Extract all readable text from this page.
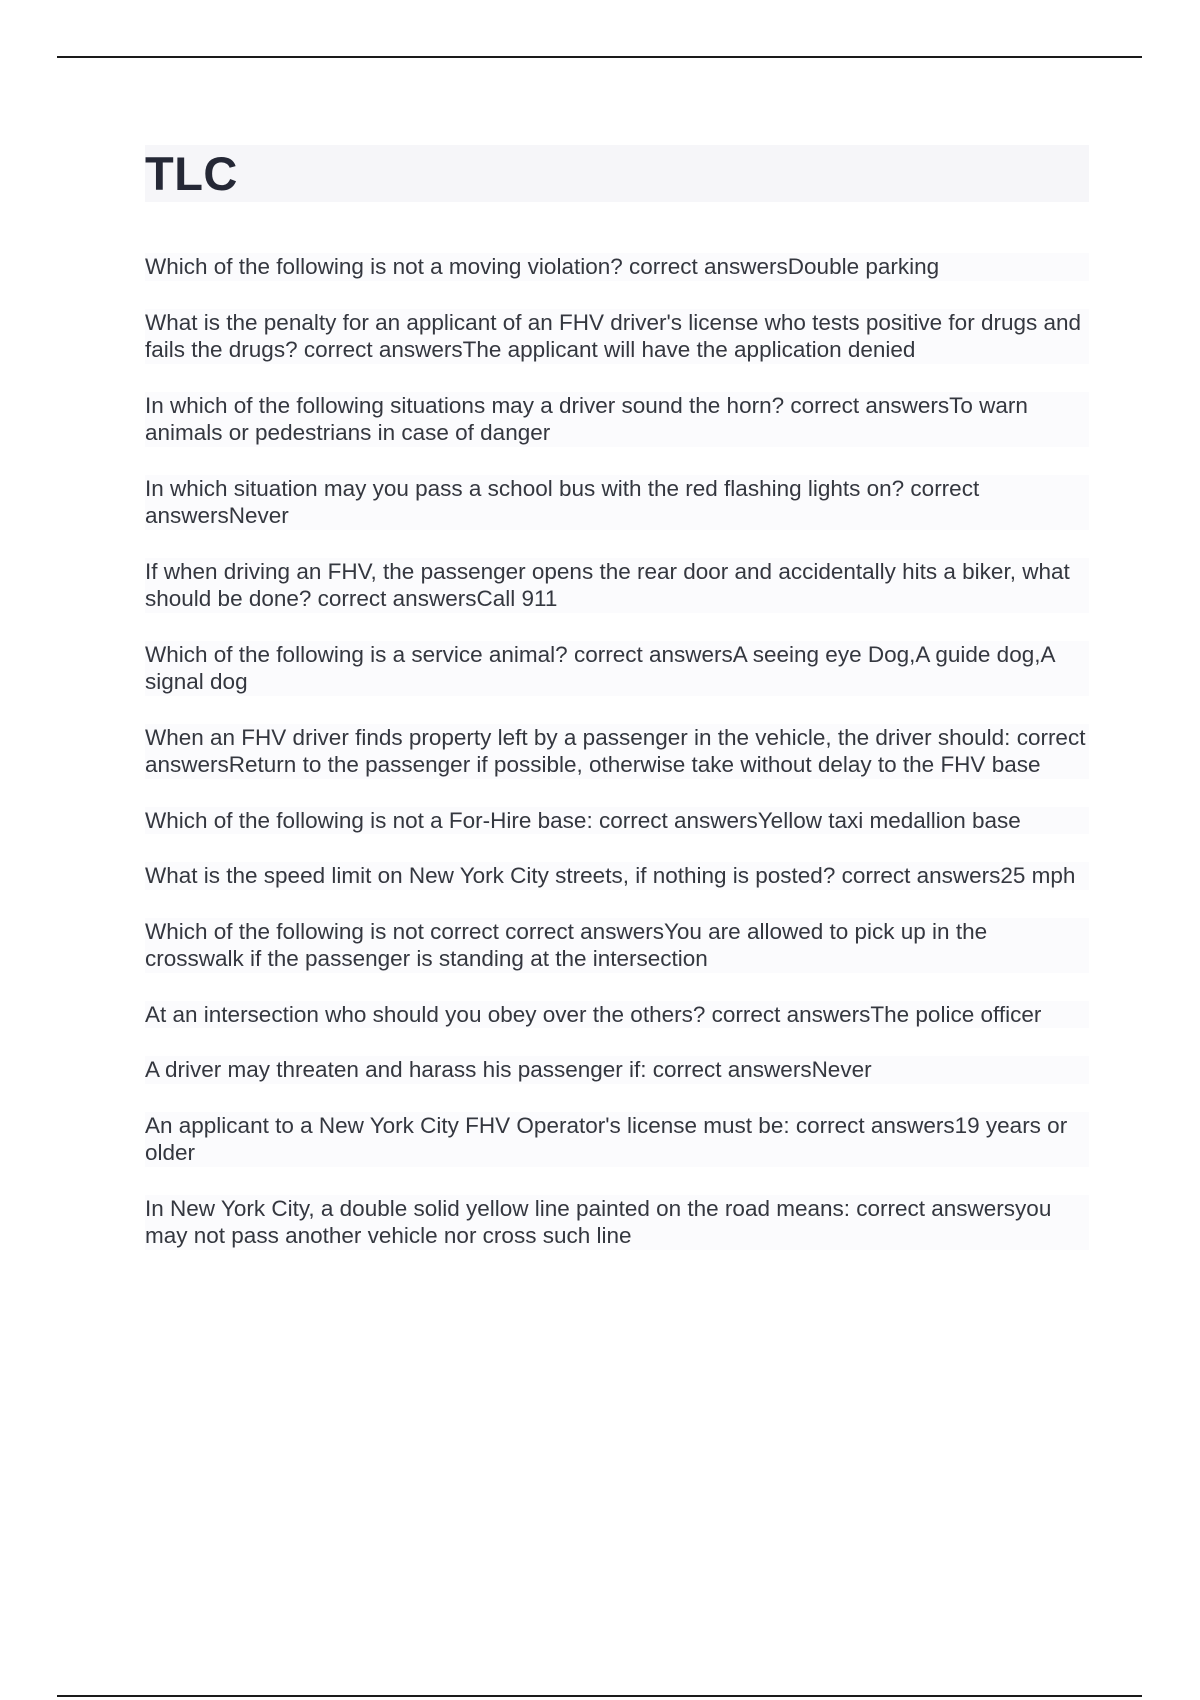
TLC

Which of the following is not a moving violation? correct answersDouble parking

What is the penalty for an applicant of an FHV driver's license who tests positive for drugs and fails the drugs? correct answersThe applicant will have the application denied

In which of the following situations may a driver sound the horn? correct answersTo warn animals or pedestrians in case of danger

In which situation may you pass a school bus with the red flashing lights on? correct answersNever

If when driving an FHV, the passenger opens the rear door and accidentally hits a biker, what should be done? correct answersCall 911

Which of the following is a service animal? correct answersA seeing eye Dog,A guide dog,A signal dog

When an FHV driver finds property left by a passenger in the vehicle, the driver should: correct answersReturn to the passenger if possible, otherwise take without delay to the FHV base

Which of the following is not a For-Hire base: correct answersYellow taxi medallion base

What is the speed limit on New York City streets, if nothing is posted? correct answers25 mph

Which of the following is not correct correct answersYou are allowed to pick up in the crosswalk if the passenger is standing at the intersection

At an intersection who should you obey over the others? correct answersThe police officer

A driver may threaten and harass his passenger if: correct answersNever

An applicant to a New York City FHV Operator's license must be: correct answers19 years or older

In New York City, a double solid yellow line painted on the road means: correct answersyou may not pass another vehicle nor cross such line
